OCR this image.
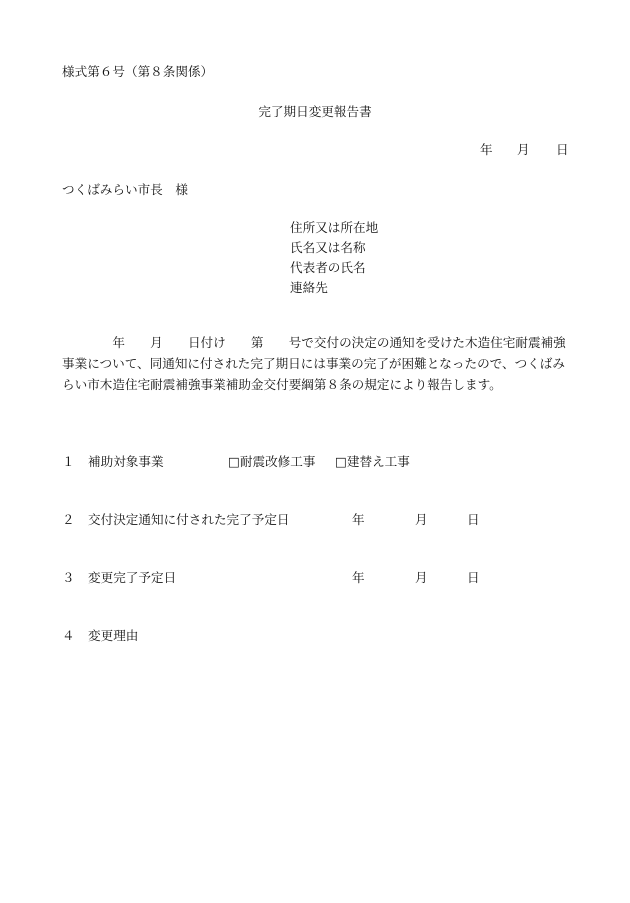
様式第６号（第８条関係）
完了期日変更報告書
年 月 日
つくばみらい市長　様
住所又は所在地
氏名又は名称
代表者の氏名
連絡先
　　　　年　　月　　日付け　　第　　号で交付の決定の通知を受けた木造住宅耐震補強
事業について、同通知に付された完了期日には事業の完了が困難となったので、つくばみ
らい市木造住宅耐震補強事業補助金交付要綱第８条の規定により報告します。
１ 補助対象事業	□耐震改修工事 □建替え工事
２ 交付決定通知に付された完了予定日	年	月	日
３ 変更完了予定日	年	月	日
４ 変更理由
